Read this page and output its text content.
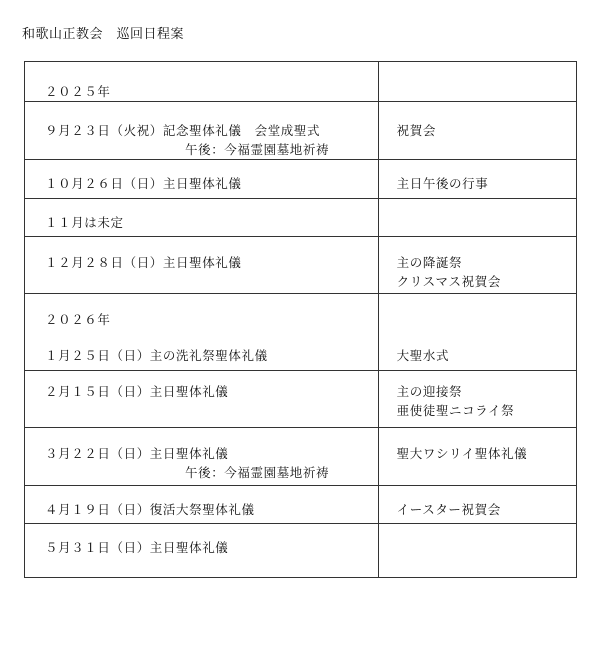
和歌山正教会　巡回日程案
２０２５年	

９月２３日（火祝）記念聖体礼儀　会堂成聖式
午後：今福霊園墓地祈祷	祝賀会

１０月２６日（日）主日聖体礼儀	主日午後の行事

１１月は未定	

１２月２８日（日）主日聖体礼儀	主の降誕祭
クリスマス祝賀会

２０２６年
１月２５日（日）主の洗礼祭聖体礼儀	大聖水式

２月１５日（日）主日聖体礼儀	主の迎接祭
亜使徒聖ニコライ祭

３月２２日（日）主日聖体礼儀
午後：今福霊園墓地祈祷	聖大ワシリイ聖体礼儀

４月１９日（日）復活大祭聖体礼儀	イースター祝賀会

５月３１日（日）主日聖体礼儀	
